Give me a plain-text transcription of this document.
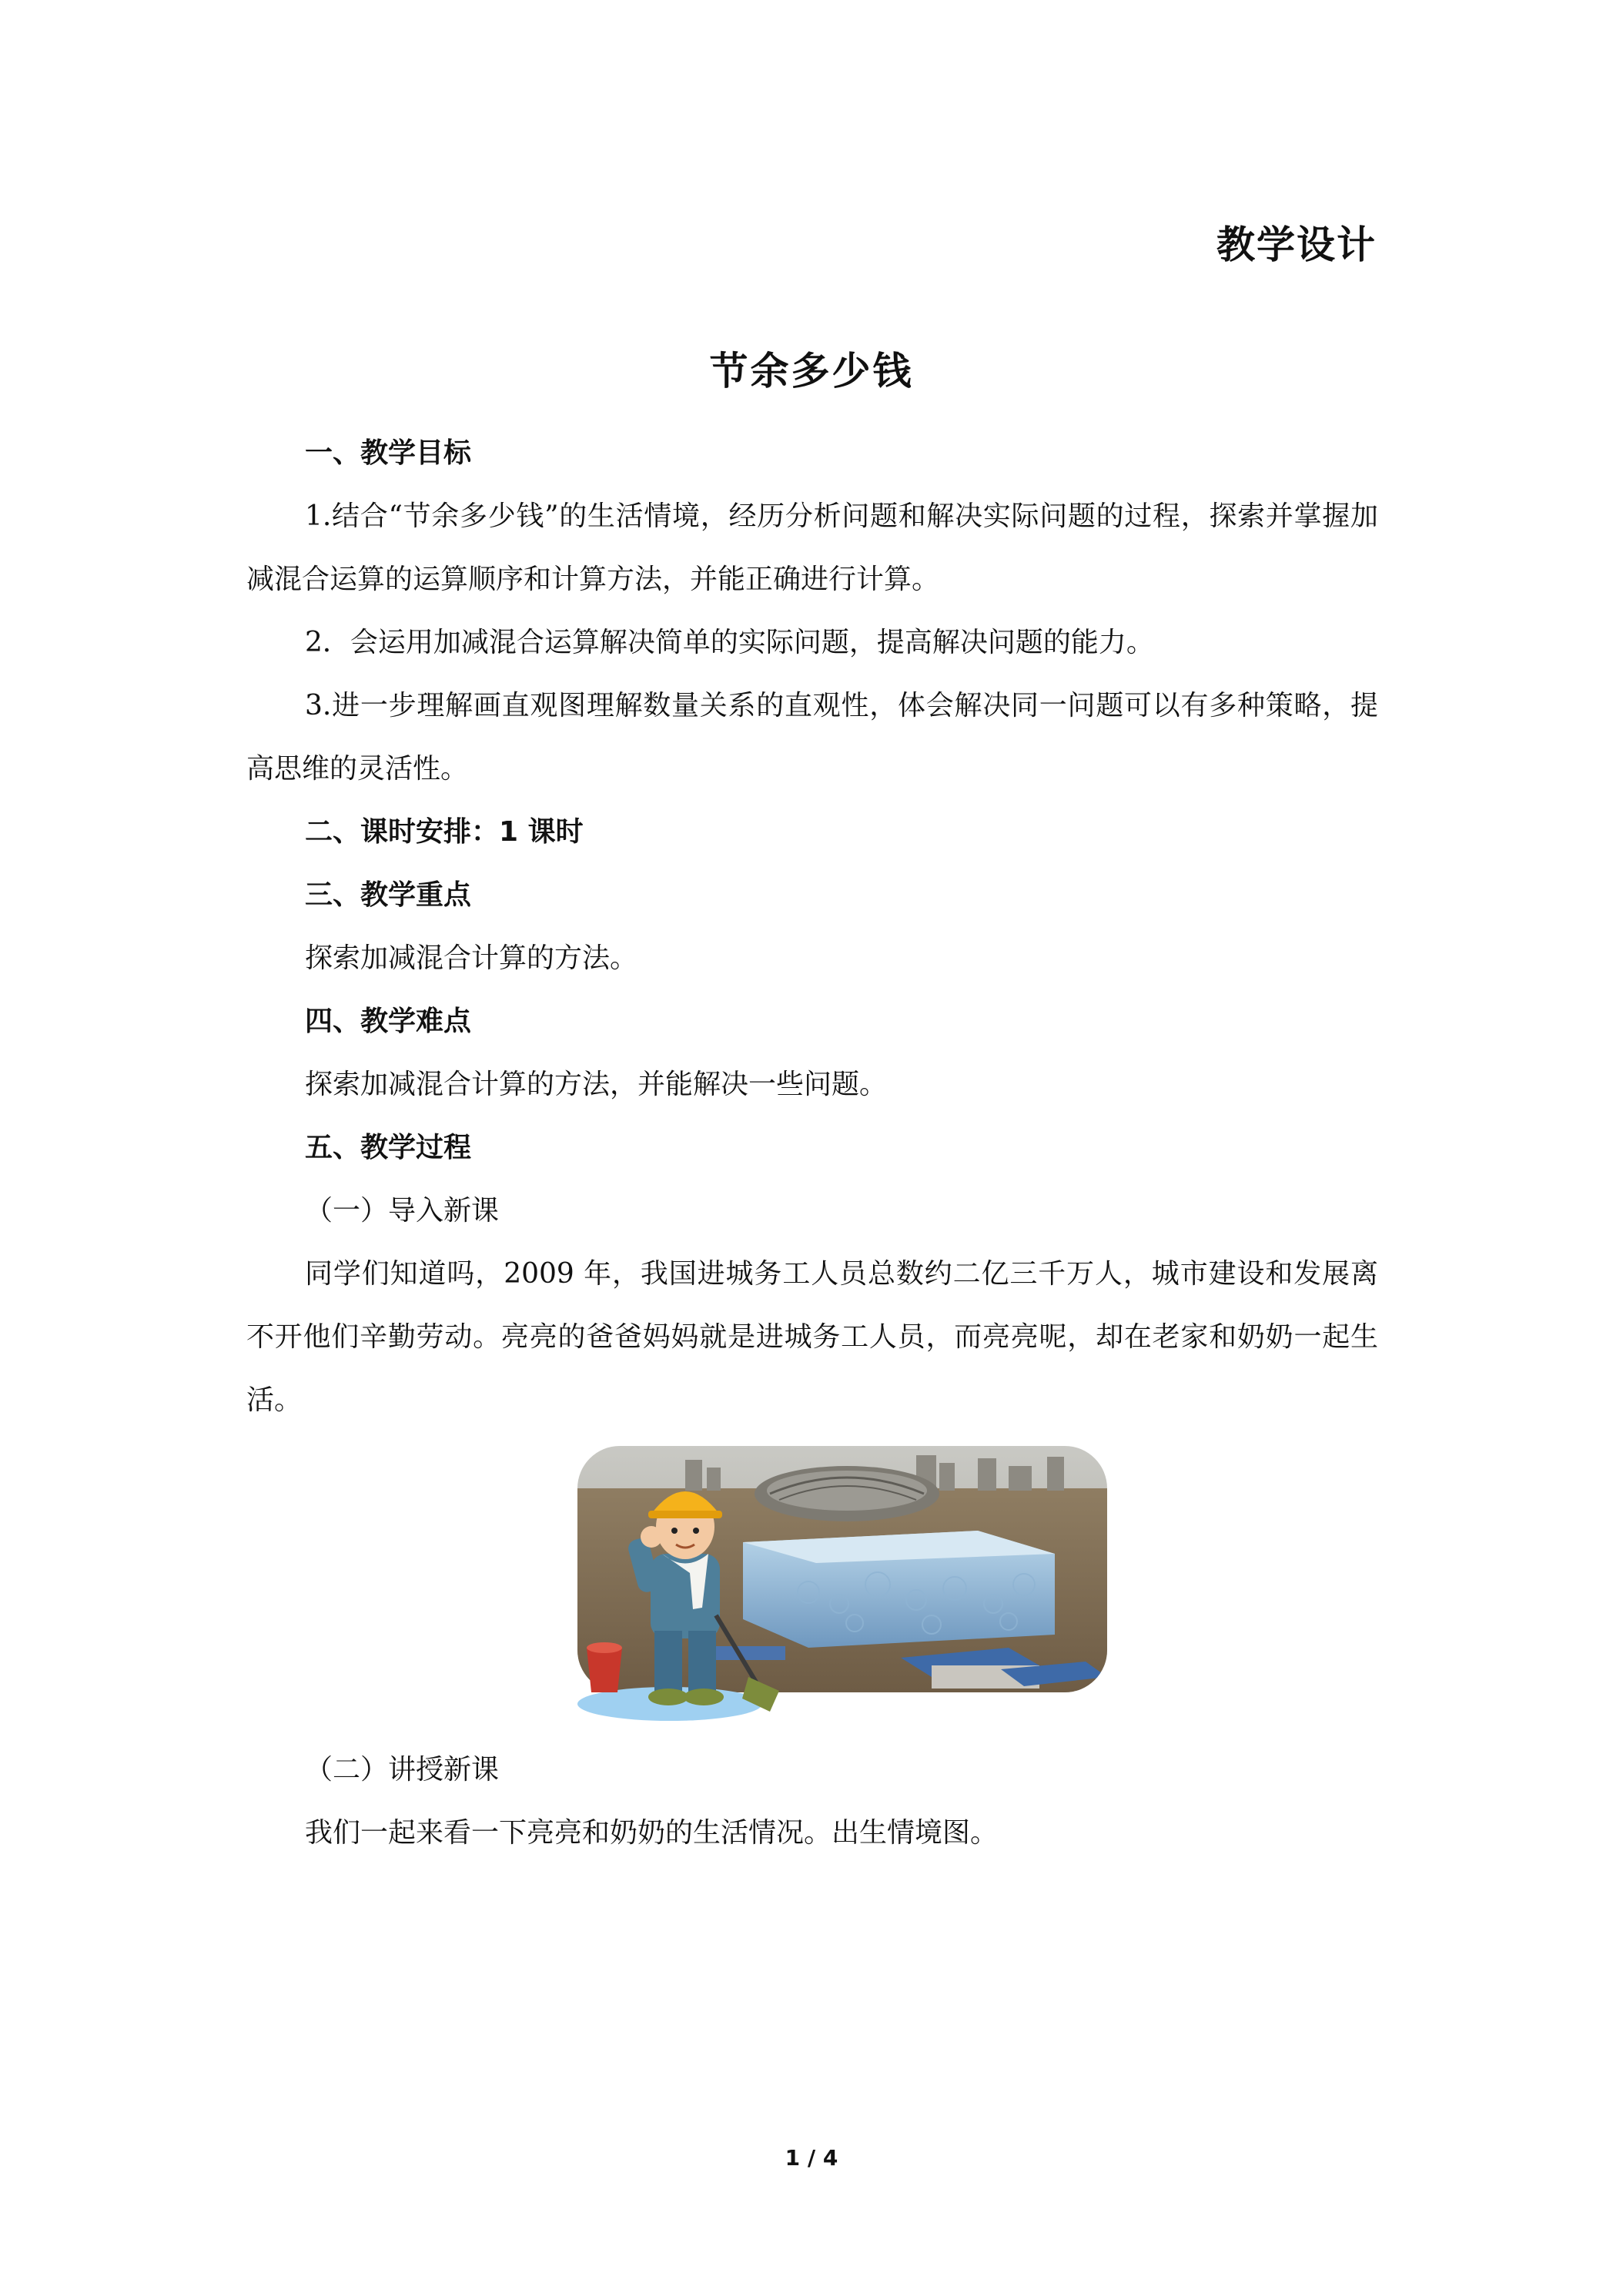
教学设计
节余多少钱

一、教学目标

1.结合“节余多少钱”的生活情境，经历分析问题和解决实际问题的过程，探索并掌握加减混合运算的运算顺序和计算方法，并能正确进行计算。

2．会运用加减混合运算解决简单的实际问题，提高解决问题的能力。

3.进一步理解画直观图理解数量关系的直观性，体会解决同一问题可以有多种策略，提高思维的灵活性。

二、课时安排：1 课时

三、教学重点

探索加减混合计算的方法。

四、教学难点

探索加减混合计算的方法，并能解决一些问题。

五、教学过程

（一）导入新课

同学们知道吗，2009 年，我国进城务工人员总数约二亿三千万人，城市建设和发展离不开他们辛勤劳动。亮亮的爸爸妈妈就是进城务工人员，而亮亮呢，却在老家和奶奶一起生活。

（二）讲授新课

我们一起来看一下亮亮和奶奶的生活情况。出生情境图。

1 / 4
